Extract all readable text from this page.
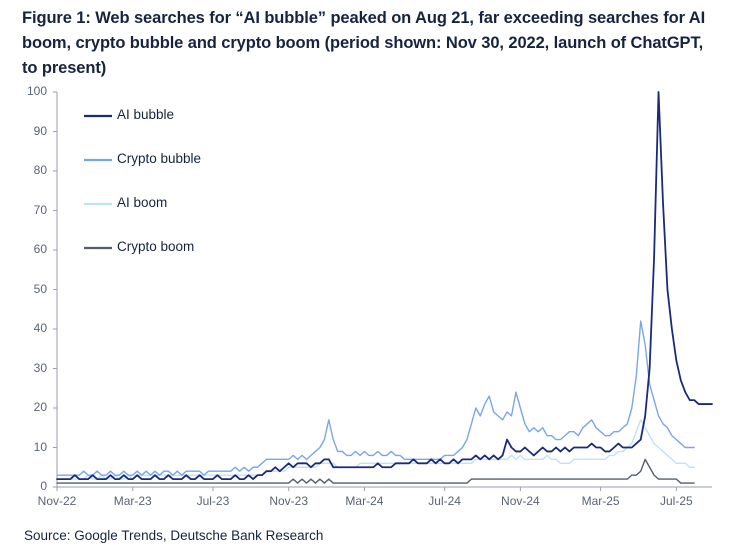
Figure 1: Web searches for “AI bubble” peaked on Aug 21, far exceeding searches for AI boom, crypto bubble and crypto boom (period shown: Nov 30, 2022, launch of ChatGPT, to present)
0
10
20
30
40
50
60
70
80
90
100
Nov-22	Mar-23	Jul-23	Nov-23	Mar-24	Jul-24	Nov-24	Mar-25	Jul-25
AI bubble
Crypto bubble
AI boom
Crypto boom
Source: Google Trends, Deutsche Bank Research
